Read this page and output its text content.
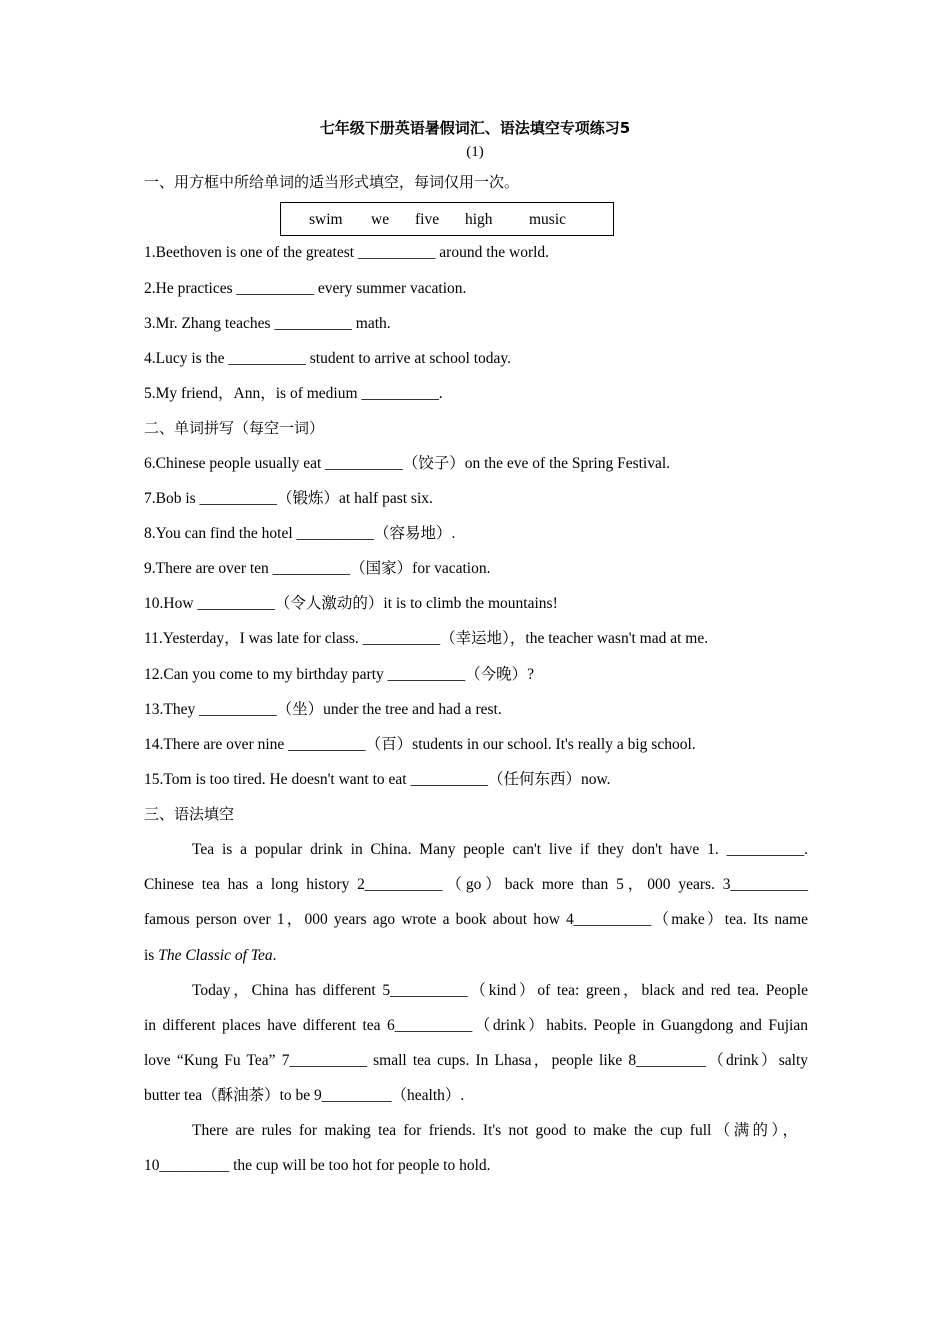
七年级下册英语暑假词汇、语法填空专项练习5
(1)
一、用方框中所给单词的适当形式填空，每词仅用一次。
swim we five high music
1.Beethoven is one of the greatest __________ around the world.
2.He practices __________ every summer vacation.
3.Mr. Zhang teaches __________ math.
4.Lucy is the __________ student to arrive at school today.
5.My friend，Ann，is of medium __________.
二、单词拼写（每空一词）
6.Chinese people usually eat __________（饺子）on the eve of the Spring Festival.
7.Bob is __________（锻炼）at half past six.
8.You can find the hotel __________（容易地）.
9.There are over ten __________（国家）for vacation.
10.How __________（令人激动的）it is to climb the mountains!
11.Yesterday，I was late for class. __________（幸运地），the teacher wasn't mad at me.
12.Can you come to my birthday party __________（今晚）?
13.They __________（坐）under the tree and had a rest.
14.There are over nine __________（百）students in our school. It's really a big school.
15.Tom is too tired. He doesn't want to eat __________（任何东西）now.
三、语法填空
Tea is a popular drink in China. Many people can't live if they don't have 1. __________.
Chinese tea has a long history 2__________（go）back more than 5，000 years. 3__________
famous person over 1，000 years ago wrote a book about how 4__________（make）tea. Its name
is The Classic of Tea.
Today，China has different 5__________（kind）of tea: green，black and red tea. People
in different places have different tea 6__________（drink）habits. People in Guangdong and Fujian
love “Kung Fu Tea” 7__________ small tea cups. In Lhasa，people like 8_________（drink）salty
butter tea（酥油茶）to be 9_________（health）.
There are rules for making tea for friends. It's not good to make the cup full（满的），
10_________ the cup will be too hot for people to hold.
